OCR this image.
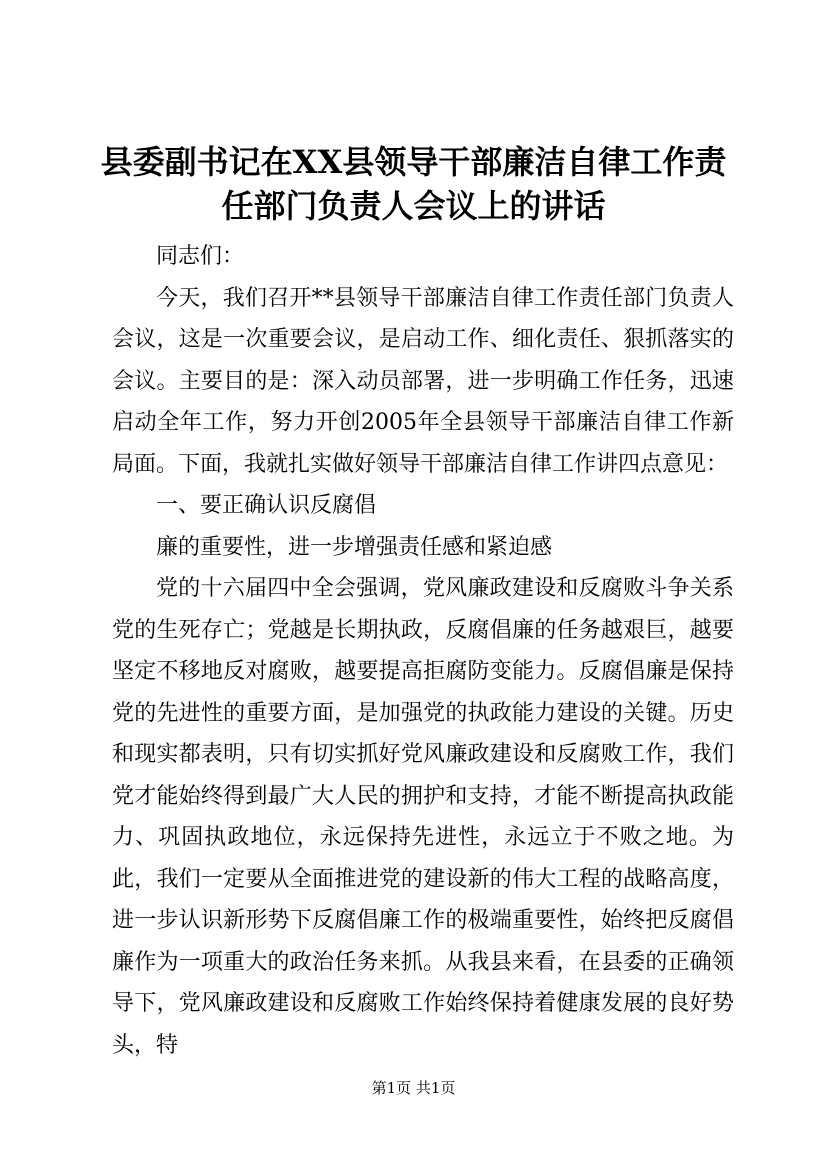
县委副书记在XX县领导干部廉洁自律工作责
任部门负责人会议上的讲话

同志们：

今天，我们召开**县领导干部廉洁自律工作责任部门负责人会议，这是一次重要会议，是启动工作、细化责任、狠抓落实的会议。主要目的是：深入动员部署，进一步明确工作任务，迅速启动全年工作，努力开创2005年全县领导干部廉洁自律工作新局面。下面，我就扎实做好领导干部廉洁自律工作讲四点意见：

一、要正确认识反腐倡

廉的重要性，进一步增强责任感和紧迫感

党的十六届四中全会强调，党风廉政建设和反腐败斗争关系党的生死存亡；党越是长期执政，反腐倡廉的任务越艰巨，越要坚定不移地反对腐败，越要提高拒腐防变能力。反腐倡廉是保持党的先进性的重要方面，是加强党的执政能力建设的关键。历史和现实都表明，只有切实抓好党风廉政建设和反腐败工作，我们党才能始终得到最广大人民的拥护和支持，才能不断提高执政能力、巩固执政地位，永远保持先进性，永远立于不败之地。为此，我们一定要从全面推进党的建设新的伟大工程的战略高度，进一步认识新形势下反腐倡廉工作的极端重要性，始终把反腐倡廉作为一项重大的政治任务来抓。从我县来看，在县委的正确领导下，党风廉政建设和反腐败工作始终保持着健康发展的良好势头，特

第1页 共1页
